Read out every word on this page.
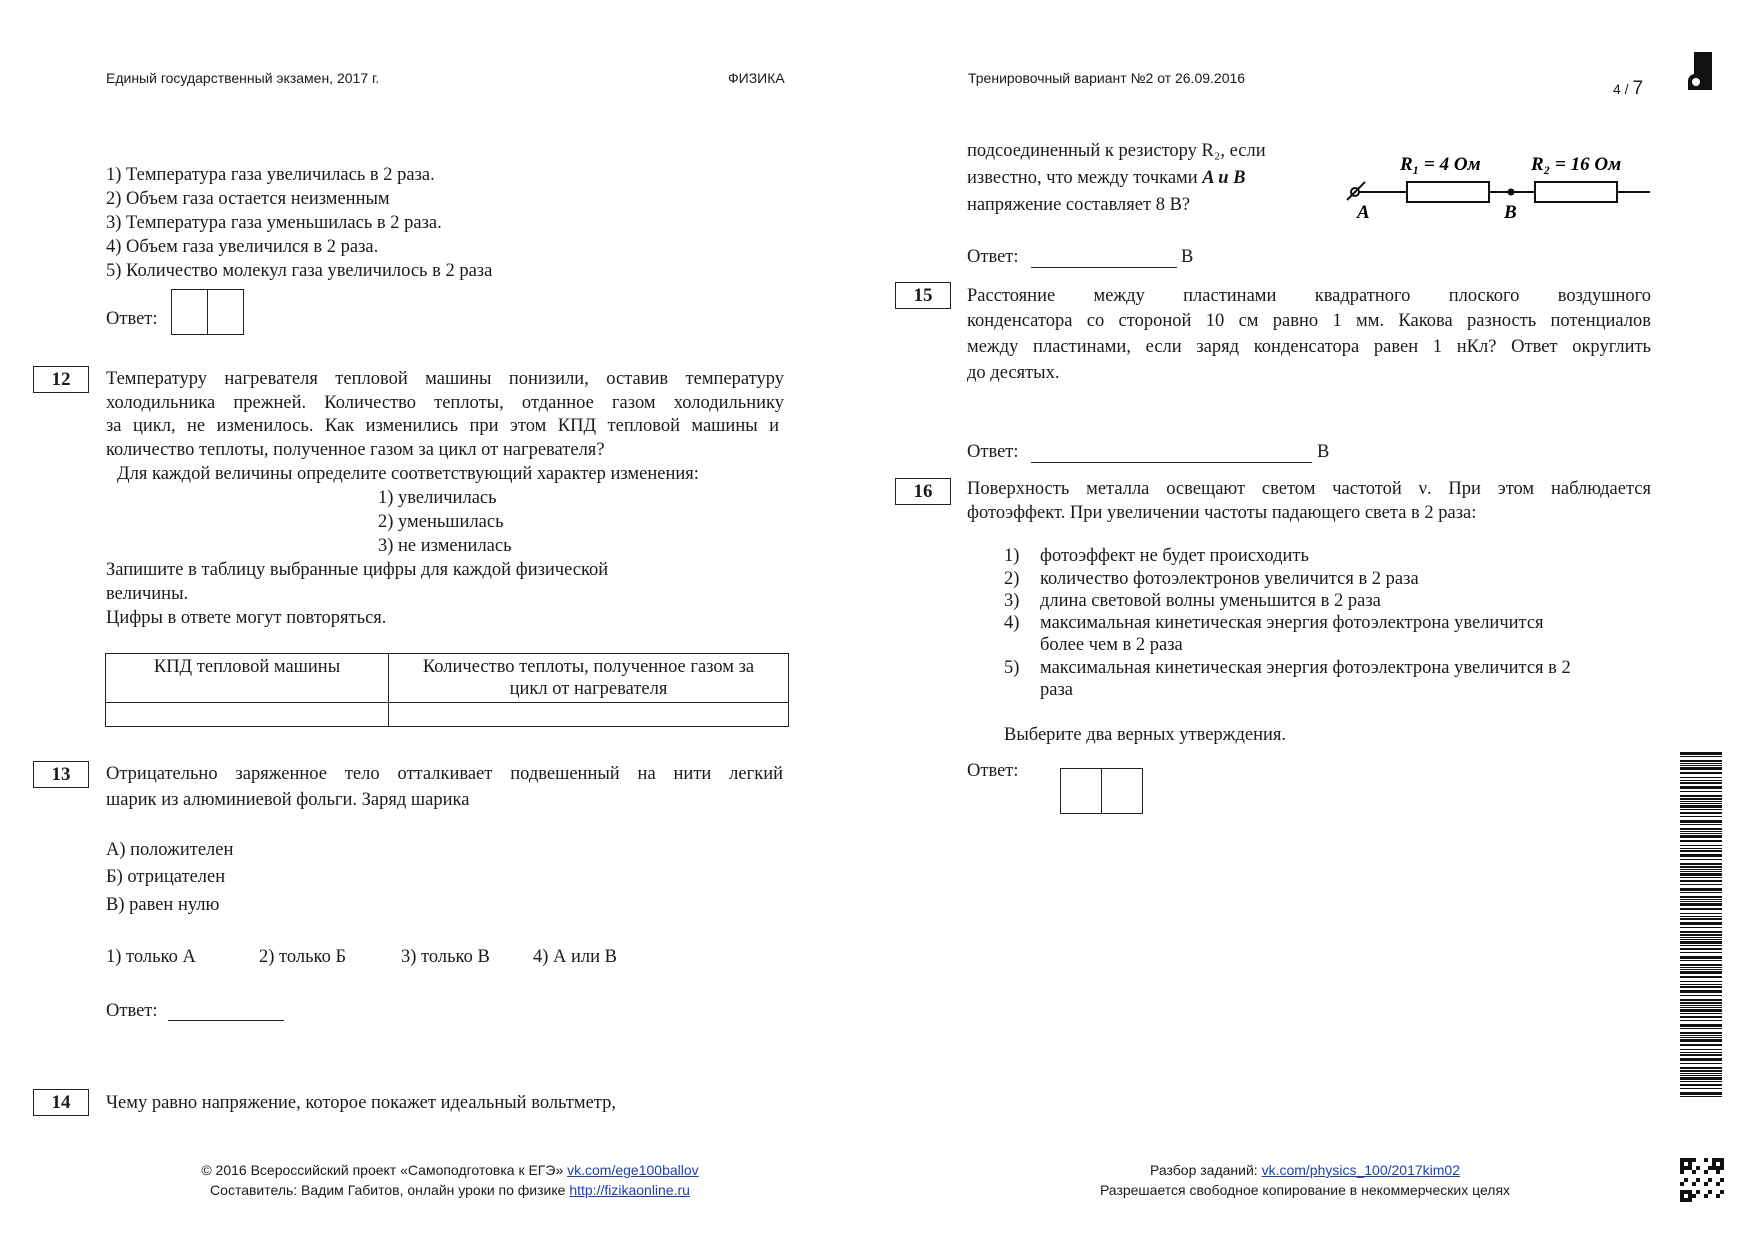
Единый государственный экзамен, 2017 г.	ФИЗИКА	Тренировочный вариант №2 от 26.09.2016
4 / 7
1) Температура газа увеличилась в 2 раза.
2) Объем газа остается неизменным
3) Температура газа уменьшилась в 2 раза.
4) Объем газа увеличился в 2 раза.
5) Количество молекул газа увеличилось в 2 раза
Ответ:
12	Температуру нагревателя тепловой машины понизили, оставив температуру
холодильника прежней. Количество теплоты, отданное газом холодильнику
за цикл, не изменилось. Как изменились при этом КПД тепловой машины и
количество теплоты, полученное газом за цикл от нагревателя?
Для каждой величины определите соответствующий характер изменения:
1) увеличилась
2) уменьшилась
3) не изменилась
Запишите в таблицу выбранные цифры для каждой физической
величины.
Цифры в ответе могут повторяться.
КПД тепловой машины	Количество теплоты, полученное газом за
цикл от нагревателя

13	Отрицательно заряженное тело отталкивает подвешенный на нити легкий
шарик из алюминиевой фольги. Заряд шарика
А) положителен
Б) отрицателен
В) равен нулю
1) только А	2) только Б	3) только В 4) А или В
Ответ:
14	Чему равно напряжение, которое покажет идеальный вольтметр,
подсоединенный к резистору R₂, если
известно, что между точками A и B
напряжение составляет 8 В?
Ответ:	В
R₁ = 4 Ом	R₂ = 16 Ом
A	B
15	Расстояние между пластинами квадратного плоского воздушного
конденсатора со стороной 10 см равно 1 мм. Какова разность потенциалов
между пластинами, если заряд конденсатора равен 1 нКл? Ответ округлить
до десятых.
Ответ:	В
16	Поверхность металла освещают светом частотой ν. При этом наблюдается
фотоэффект. При увеличении частоты падающего света в 2 раза:
1) фотоэффект не будет происходить
2) количество фотоэлектронов увеличится в 2 раза
3) длина световой волны уменьшится в 2 раза
4) максимальная кинетическая энергия фотоэлектрона увеличится
более чем в 2 раза
5) максимальная кинетическая энергия фотоэлектрона увеличится в 2
раза
Выберите два верных утверждения.
Ответ:
© 2016 Всероссийский проект «Самоподготовка к ЕГЭ» vk.com/ege100ballov
Составитель: Вадим Габитов, онлайн уроки по физике http://fizikaonline.ru
Разбор заданий: vk.com/physics_100/2017kim02
Разрешается свободное копирование в некоммерческих целях
